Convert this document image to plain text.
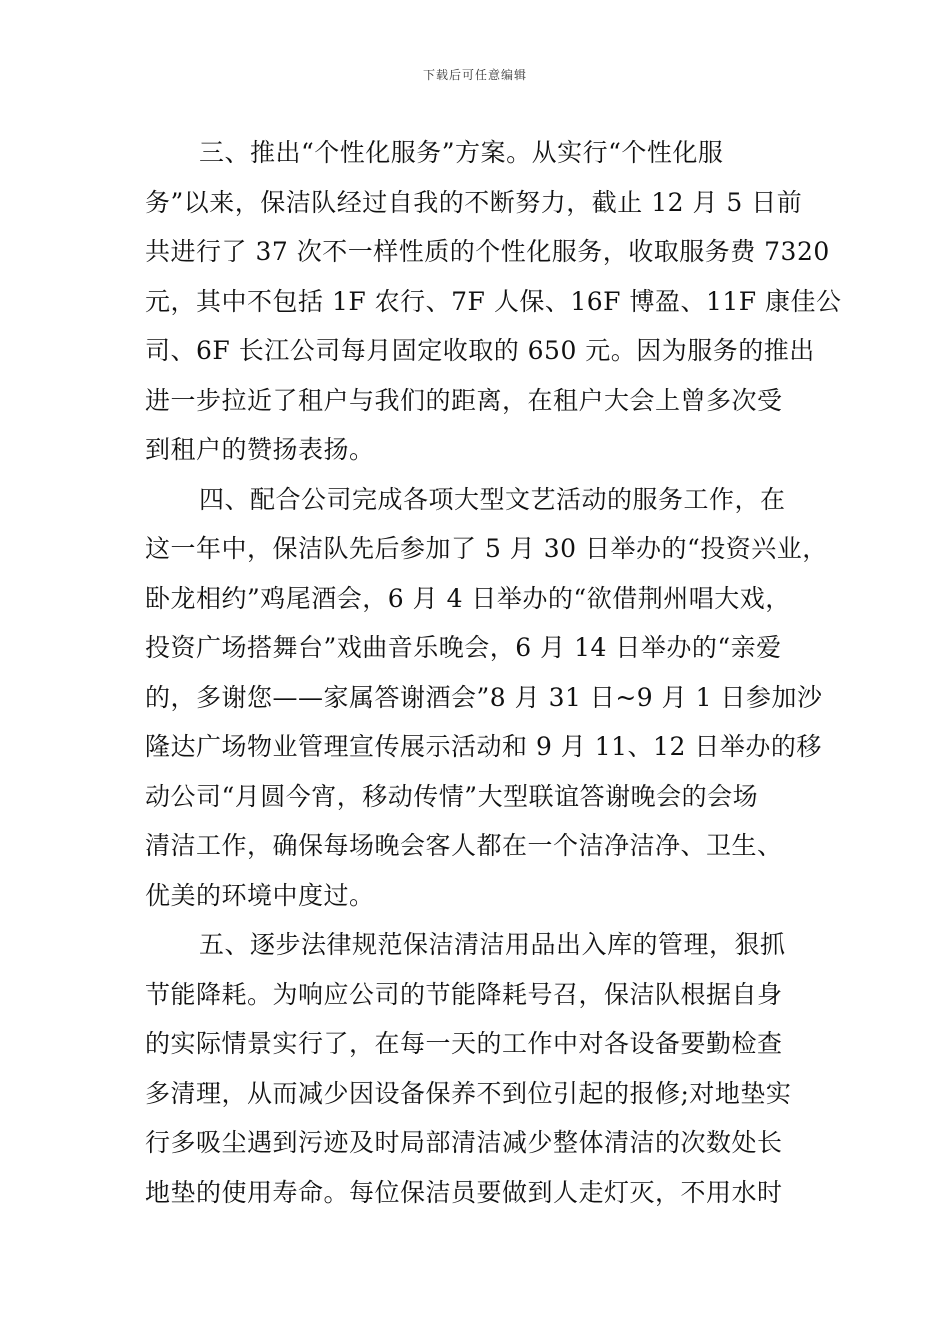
下载后可任意编辑
三、推出“个性化服务”方案。从实行“个性化服
务”以来，保洁队经过自我的不断努力，截止 12 月 5 日前
共进行了 37 次不一样性质的个性化服务，收取服务费 7320
元，其中不包括 1F 农行、7F 人保、16F 博盈、11F 康佳公
司、6F 长江公司每月固定收取的 650 元。因为服务的推出
进一步拉近了租户与我们的距离，在租户大会上曾多次受
到租户的赞扬表扬。
四、配合公司完成各项大型文艺活动的服务工作，在
这一年中，保洁队先后参加了 5 月 30 日举办的“投资兴业，
卧龙相约”鸡尾酒会，6 月 4 日举办的“欲借荆州唱大戏，
投资广场搭舞台”戏曲音乐晚会，6 月 14 日举办的“亲爱
的，多谢您——家属答谢酒会”8 月 31 日~9 月 1 日参加沙
隆达广场物业管理宣传展示活动和 9 月 11、12 日举办的移
动公司“月圆今宵，移动传情”大型联谊答谢晚会的会场
清洁工作，确保每场晚会客人都在一个洁净洁净、卫生、
优美的环境中度过。
五、逐步法律规范保洁清洁用品出入库的管理，狠抓
节能降耗。为响应公司的节能降耗号召，保洁队根据自身
的实际情景实行了，在每一天的工作中对各设备要勤检查
多清理，从而减少因设备保养不到位引起的报修;对地垫实
行多吸尘遇到污迹及时局部清洁减少整体清洁的次数处长
地垫的使用寿命。每位保洁员要做到人走灯灭，不用水时
